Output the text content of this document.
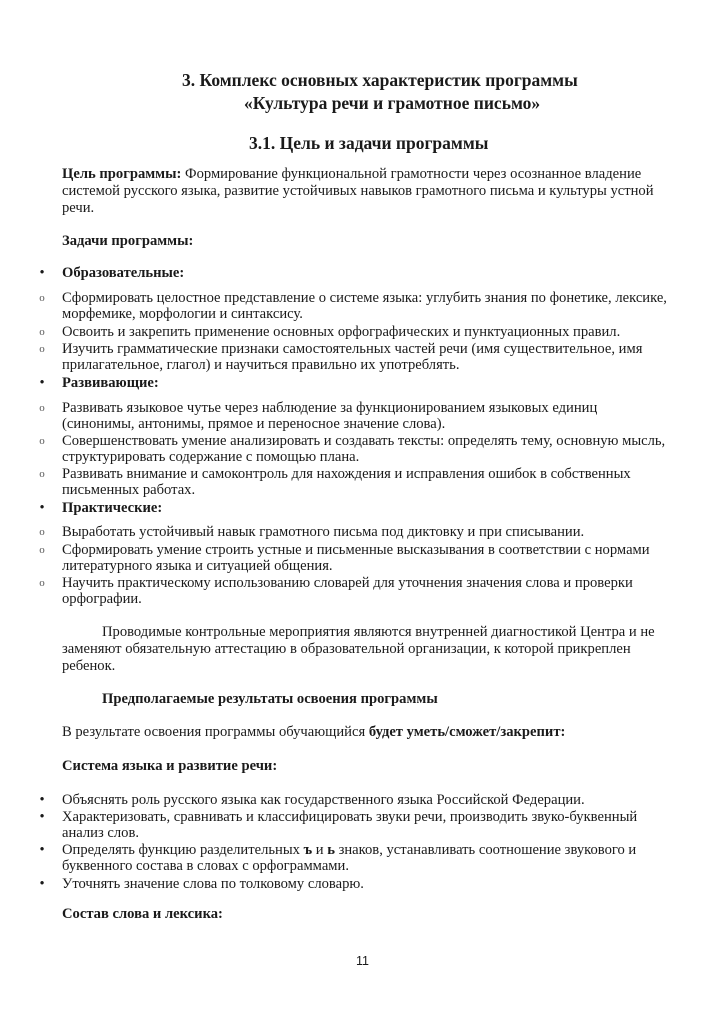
3. Комплекс основных характеристик программы
«Культура речи и грамотное письмо»
3.1. Цель и задачи программы
Цель программы: Формирование функциональной грамотности через осознанное владение
системой русского языка, развитие устойчивых навыков грамотного письма и культуры устной
речи.
Задачи программы:
• Образовательные:
o Сформировать целостное представление о системе языка: углубить знания по фонетике, лексике,
морфемике, морфологии и синтаксису.
o Освоить и закрепить применение основных орфографических и пунктуационных правил.
o Изучить грамматические признаки самостоятельных частей речи (имя существительное, имя
прилагательное, глагол) и научиться правильно их употреблять.
• Развивающие:
o Развивать языковое чутье через наблюдение за функционированием языковых единиц
(синонимы, антонимы, прямое и переносное значение слова).
o Совершенствовать умение анализировать и создавать тексты: определять тему, основную мысль,
структурировать содержание с помощью плана.
o Развивать внимание и самоконтроль для нахождения и исправления ошибок в собственных
письменных работах.
• Практические:
o Выработать устойчивый навык грамотного письма под диктовку и при списывании.
o Сформировать умение строить устные и письменные высказывания в соответствии с нормами
литературного языка и ситуацией общения.
o Научить практическому использованию словарей для уточнения значения слова и проверки
орфографии.
Проводимые контрольные мероприятия являются внутренней диагностикой Центра и не
заменяют обязательную аттестацию в образовательной организации, к которой прикреплен
ребенок.
Предполагаемые результаты освоения программы
В результате освоения программы обучающийся будет уметь/сможет/закрепит:
Система языка и развитие речи:
• Объяснять роль русского языка как государственного языка Российской Федерации.
• Характеризовать, сравнивать и классифицировать звуки речи, производить звуко-буквенный
анализ слов.
• Определять функцию разделительных ъ и ь знаков, устанавливать соотношение звукового и
буквенного состава в словах с орфограммами.
• Уточнять значение слова по толковому словарю.
Состав слова и лексика:
11
